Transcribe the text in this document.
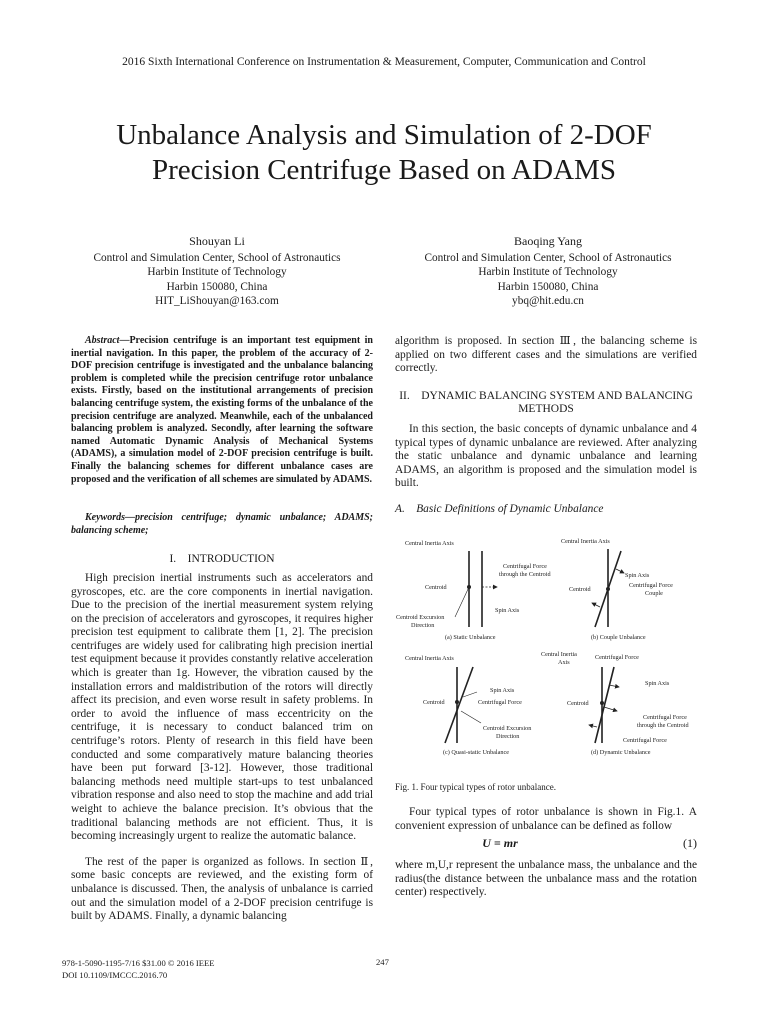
2016 Sixth International Conference on Instrumentation & Measurement, Computer, Communication and Control
Unbalance Analysis and Simulation of 2-DOF
Precision Centrifuge Based on ADAMS
Shouyan Li
Control and Simulation Center, School of Astronautics
Harbin Institute of Technology
Harbin 150080, China
HIT_LiShouyan@163.com
Baoqing Yang
Control and Simulation Center, School of Astronautics
Harbin Institute of Technology
Harbin 150080, China
ybq@hit.edu.cn
Abstract—Precision centrifuge is an important test equipment in inertial navigation. In this paper, the problem of the accuracy of 2-DOF precision centrifuge is investigated and the unbalance balancing problem is completed while the precision centrifuge rotor unbalance exists. Firstly, based on the institutional arrangements of precision balancing centrifuge system, the existing forms of the unbalance of the precision centrifuge are analyzed. Meanwhile, each of the unbalanced balancing problem is analyzed. Secondly, after learning the software named Automatic Dynamic Analysis of Mechanical Systems (ADAMS), a simulation model of 2-DOF precision centrifuge is built. Finally the balancing schemes for different unbalance cases are proposed and the verification of all schemes are simulated by ADAMS.
Keywords—precision centrifuge; dynamic unbalance; ADAMS; balancing scheme;
I. INTRODUCTION

High precision inertial instruments such as accelerators and gyroscopes, etc. are the core components in inertial navigation. Due to the precision of the inertial measurement system relying on the precision of accelerators and gyroscopes, it requires higher precision test equipment to calibrate them [1, 2]. The precision centrifuges are widely used for calibrating high precision inertial test equipment because it provides constantly relative acceleration which is greater than 1g. However, the vibration caused by the installation errors and maldistribution of the rotors will directly affect its precision, and even worse result in safety problems. In order to avoid the influence of mass eccentricity on the centrifuge, it is necessary to conduct balanced trim on centrifuge’s rotors. Plenty of research in this field have been conducted and some comparatively mature balancing theories have been put forward [3-12]. However, those traditional balancing methods need multiple start-ups to test unbalanced vibration response and also need to stop the machine and add trial weight to achieve the balance precision. It’s obvious that the traditional balancing methods are not efficient. Thus, it is becoming increasingly urgent to realize the automatic balance.

The rest of the paper is organized as follows. In section Ⅱ, some basic concepts are reviewed, and the existing form of unbalance is discussed. Then, the analysis of unbalance is carried out and the simulation model of a 2-DOF precision centrifuge is built by ADAMS. Finally, a dynamic balancing

algorithm is proposed. In section Ⅲ, the balancing scheme is applied on two different cases and the simulations are verified correctly.

II. DYNAMIC BALANCING SYSTEM AND BALANCING
METHODS

In this section, the basic concepts of dynamic unbalance and 4 typical types of dynamic unbalance are reviewed. After analyzing the static unbalance and dynamic unbalance and learning ADAMS, an algorithm is proposed and the simulation model is built.

A. Basic Definitions of Dynamic Unbalance
Central Inertia Axis
Centroid
Centrifugal Force
through the Centroid
Spin Axis
Centroid Excursion
Direction
(a) Static Unbalance
Central Inertia Axis
Spin Axis
Centroid
Centrifugal Force
Couple
(b) Couple Unbalance
Central Inertia Axis
Spin Axis
Centroid	Centrifugal Force
Centroid Excursion
Direction
(c) Quasi-static Unbalance
Central Inertia
Axis
Centrifugal Force
Spin Axis
Centroid
Centrifugal Force
through the Centroid
Centrifugal Force
(d) Dynamic Unbalance
Fig. 1. Four typical types of rotor unbalance.

Four typical types of rotor unbalance is shown in Fig.1. A convenient expression of unbalance can be defined as follow

U = mr	(1)

where m,U,r represent the unbalance mass, the unbalance and the radius(the distance between the unbalance mass and the rotation center) respectively.

978-1-5090-1195-7/16 $31.00 © 2016 IEEE
DOI 10.1109/IMCCC.2016.70
247
